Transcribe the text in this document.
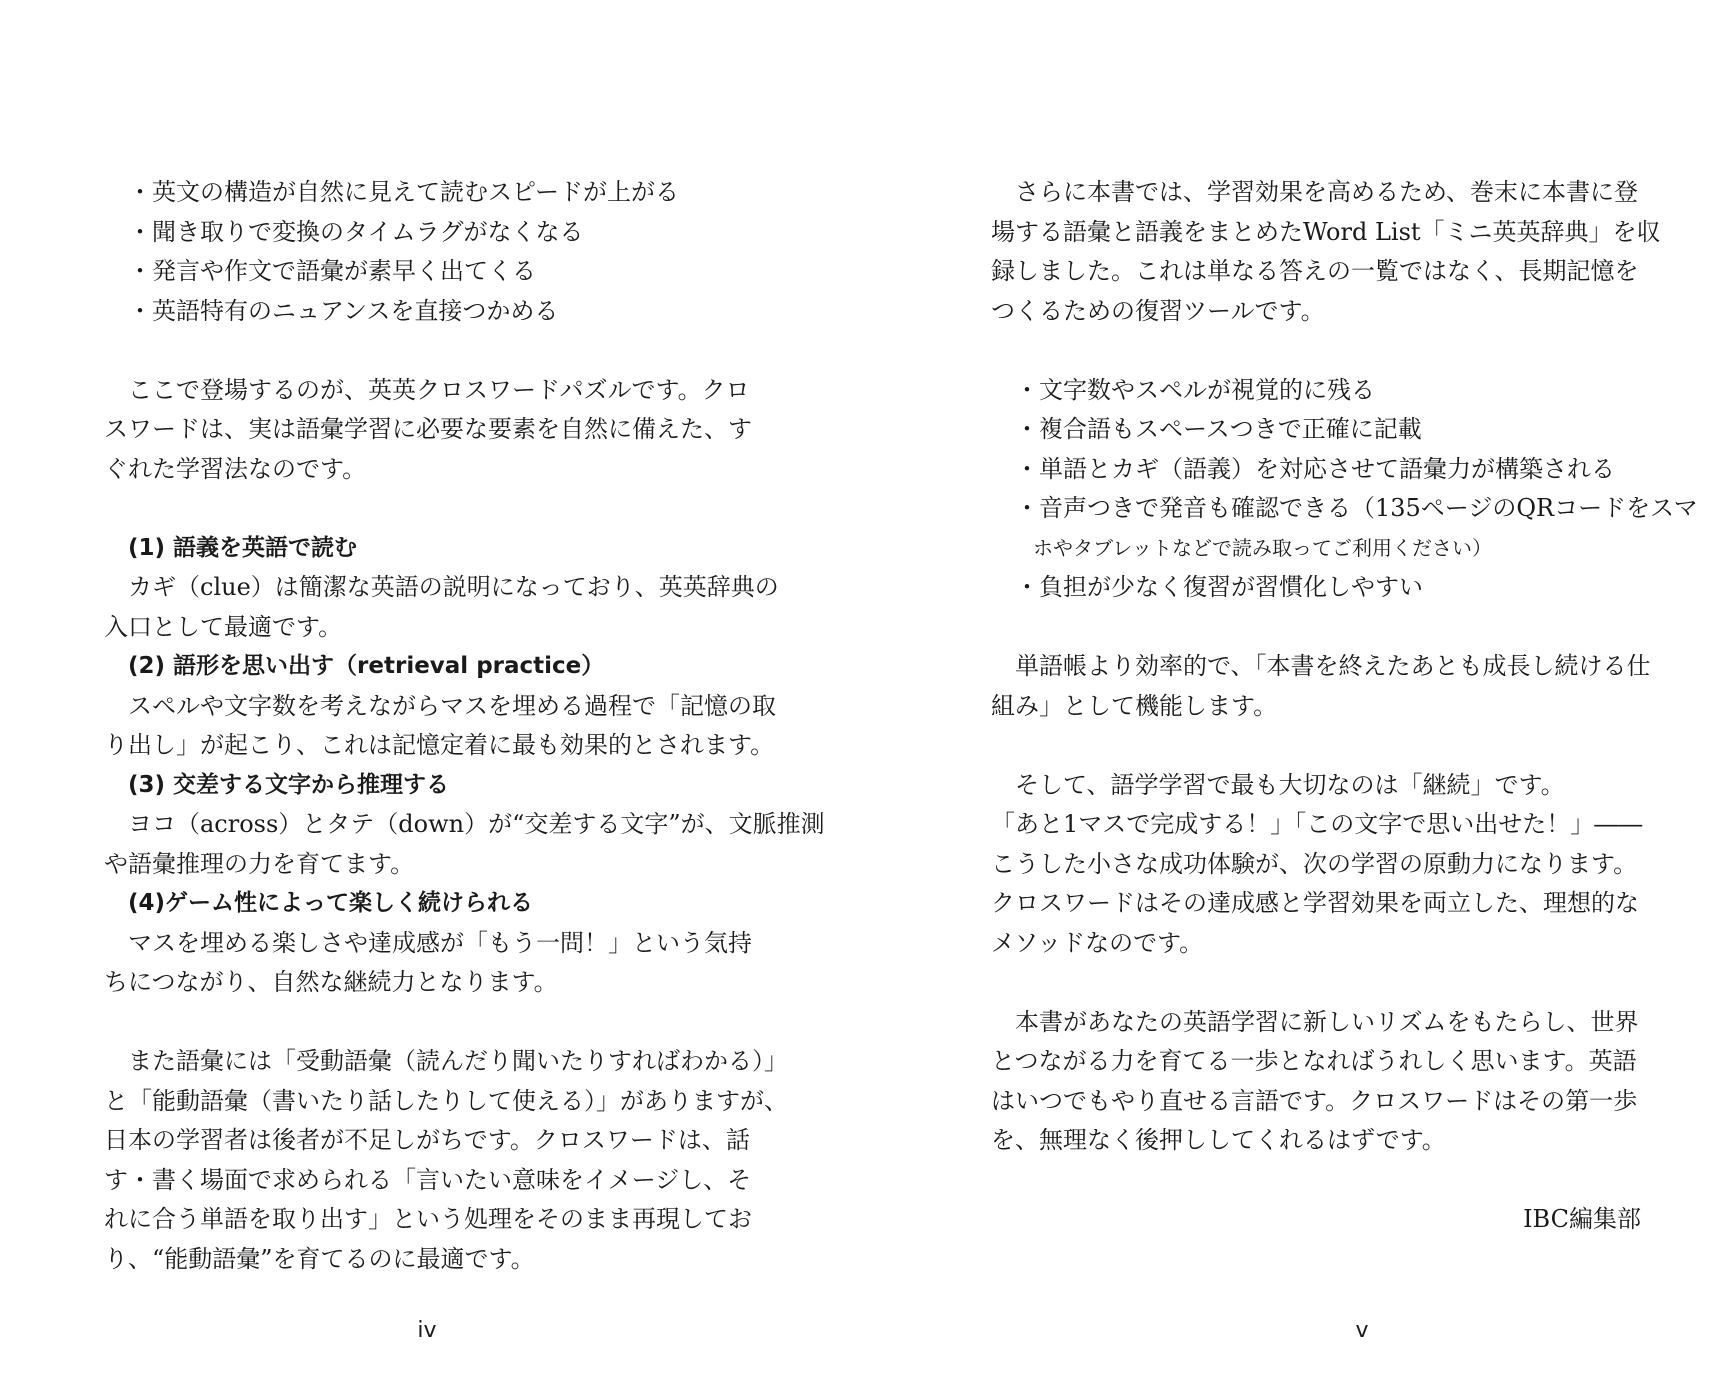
・英文の構造が自然に見えて読むスピードが上がる
・聞き取りで変換のタイムラグがなくなる
・発言や作文で語彙が素早く出てくる
・英語特有のニュアンスを直接つかめる
ここで登場するのが、英英クロスワードパズルです。クロ
スワードは、実は語彙学習に必要な要素を自然に備えた、す
ぐれた学習法なのです。
(1) 語義を英語で読む
カギ（clue）は簡潔な英語の説明になっており、英英辞典の
入口として最適です。
(2) 語形を思い出す（retrieval practice）
スペルや文字数を考えながらマスを埋める過程で「記憶の取
り出し」が起こり、これは記憶定着に最も効果的とされます。
(3) 交差する文字から推理する
ヨコ（across）とタテ（down）が“交差する文字”が、文脈推測
や語彙推理の力を育てます。
(4)ゲーム性によって楽しく続けられる
マスを埋める楽しさや達成感が「もう一問！」という気持
ちにつながり、自然な継続力となります。
また語彙には「受動語彙（読んだり聞いたりすればわかる）」
と「能動語彙（書いたり話したりして使える）」がありますが、
日本の学習者は後者が不足しがちです。クロスワードは、話
す・書く場面で求められる「言いたい意味をイメージし、そ
れに合う単語を取り出す」という処理をそのまま再現してお
り、“能動語彙”を育てるのに最適です。
iv
さらに本書では、学習効果を高めるため、巻末に本書に登
場する語彙と語義をまとめたWord List「ミニ英英辞典」を収
録しました。これは単なる答えの一覧ではなく、長期記憶を
つくるための復習ツールです。
・文字数やスペルが視覚的に残る
・複合語もスペースつきで正確に記載
・単語とカギ（語義）を対応させて語彙力が構築される
・音声つきで発音も確認できる（135ページのQRコードをスマ
ホやタブレットなどで読み取ってご利用ください）
・負担が少なく復習が習慣化しやすい
単語帳より効率的で、「本書を終えたあとも成長し続ける仕
組み」として機能します。
そして、語学学習で最も大切なのは「継続」です。
「あと1マスで完成する！」「この文字で思い出せた！」――
こうした小さな成功体験が、次の学習の原動力になります。
クロスワードはその達成感と学習効果を両立した、理想的な
メソッドなのです。
本書があなたの英語学習に新しいリズムをもたらし、世界
とつながる力を育てる一歩となればうれしく思います。英語
はいつでもやり直せる言語です。クロスワードはその第一歩
を、無理なく後押ししてくれるはずです。
IBC編集部
v
